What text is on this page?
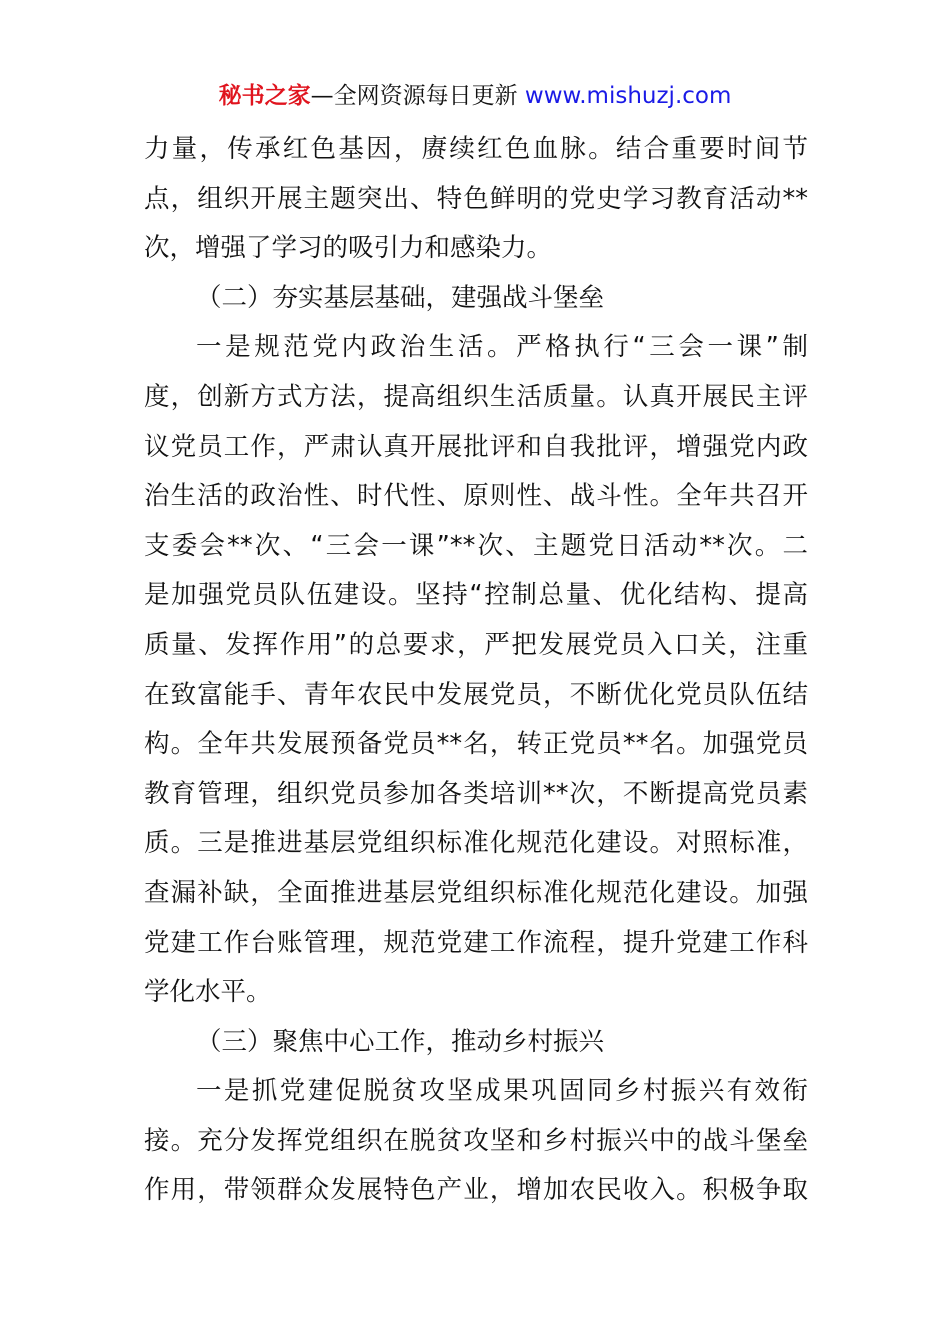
秘书之家—全网资源每日更新 www.mishuzj.com
力量，传承红色基因，赓续红色血脉。结合重要时间节
点，组织开展主题突出、特色鲜明的党史学习教育活动**
次，增强了学习的吸引力和感染力。
（二）夯实基层基础，建强战斗堡垒
一是规范党内政治生活。严格执行“三会一课”制
度，创新方式方法，提高组织生活质量。认真开展民主评
议党员工作，严肃认真开展批评和自我批评，增强党内政
治生活的政治性、时代性、原则性、战斗性。全年共召开
支委会**次、“三会一课”**次、主题党日活动**次。二
是加强党员队伍建设。坚持“控制总量、优化结构、提高
质量、发挥作用”的总要求，严把发展党员入口关，注重
在致富能手、青年农民中发展党员，不断优化党员队伍结
构。全年共发展预备党员**名，转正党员**名。加强党员
教育管理，组织党员参加各类培训**次，不断提高党员素
质。三是推进基层党组织标准化规范化建设。对照标准，
查漏补缺，全面推进基层党组织标准化规范化建设。加强
党建工作台账管理，规范党建工作流程，提升党建工作科
学化水平。
（三）聚焦中心工作，推动乡村振兴
一是抓党建促脱贫攻坚成果巩固同乡村振兴有效衔
接。充分发挥党组织在脱贫攻坚和乡村振兴中的战斗堡垒
作用，带领群众发展特色产业，增加农民收入。积极争取
